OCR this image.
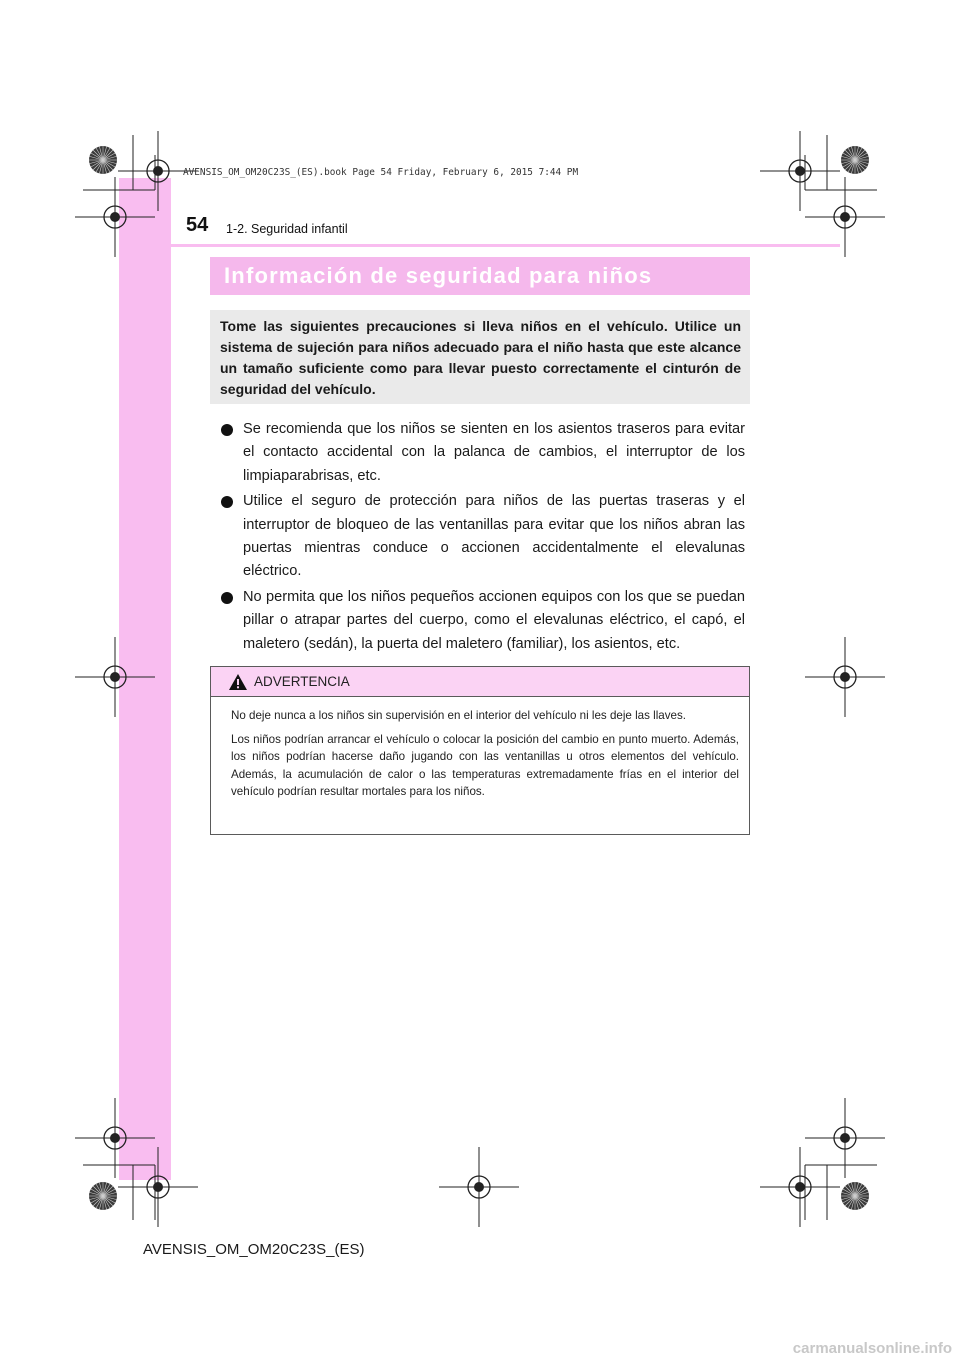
AVENSIS_OM_OM20C23S_(ES).book Page 54 Friday, February 6, 2015 7:44 PM
54 1-2. Seguridad infantil
Información de seguridad para niños

Tome las siguientes precauciones si lleva niños en el vehículo. Utilice un sistema de sujeción para niños adecuado para el niño hasta que este alcance un tamaño suficiente como para llevar puesto correctamente el cinturón de seguridad del vehículo.

Se recomienda que los niños se sienten en los asientos traseros para evitar el contacto accidental con la palanca de cambios, el interruptor de los limpiaparabrisas, etc.
Utilice el seguro de protección para niños de las puertas traseras y el interruptor de bloqueo de las ventanillas para evitar que los niños abran las puertas mientras conduce o accionen accidentalmente el elevalunas eléctrico.
No permita que los niños pequeños accionen equipos con los que se puedan pillar o atrapar partes del cuerpo, como el elevalunas eléctrico, el capó, el maletero (sedán), la puerta del maletero (familiar), los asientos, etc.
ADVERTENCIA

No deje nunca a los niños sin supervisión en el interior del vehículo ni les deje las llaves.

Los niños podrían arrancar el vehículo o colocar la posición del cambio en punto muerto. Además, los niños podrían hacerse daño jugando con las ventanillas u otros elementos del vehículo. Además, la acumulación de calor o las temperaturas extremadamente frías en el interior del vehículo podrían resultar mortales para los niños.

AVENSIS_OM_OM20C23S_(ES)
carmanualsonline.info
